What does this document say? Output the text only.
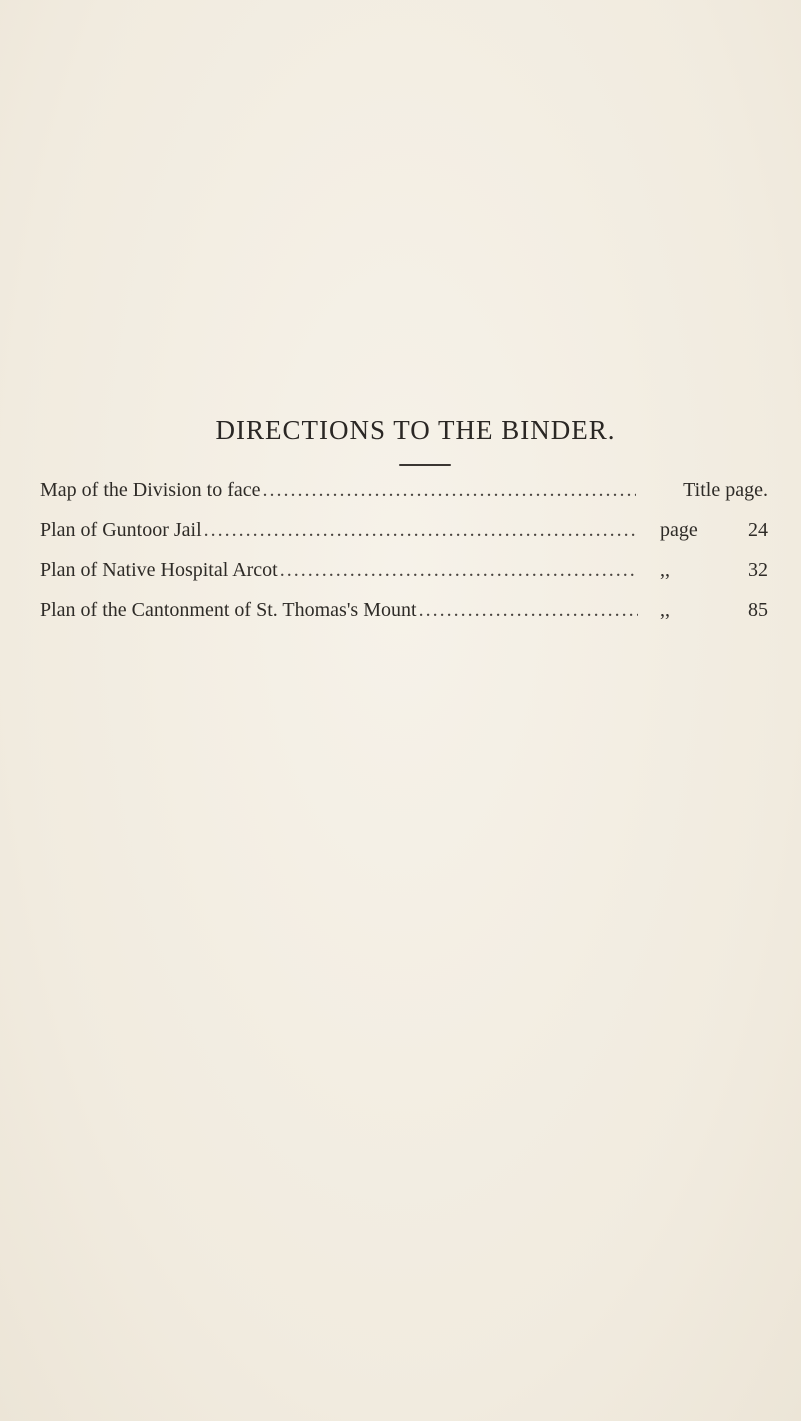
DIRECTIONS TO THE BINDER.
Map of the Division to face .....	Title page.
Plan of Guntoor Jail .....	page	24
Plan of Native Hospital Arcot .....	,,	32
Plan of the Cantonment of St. Thomas's Mount .....	,,	85
